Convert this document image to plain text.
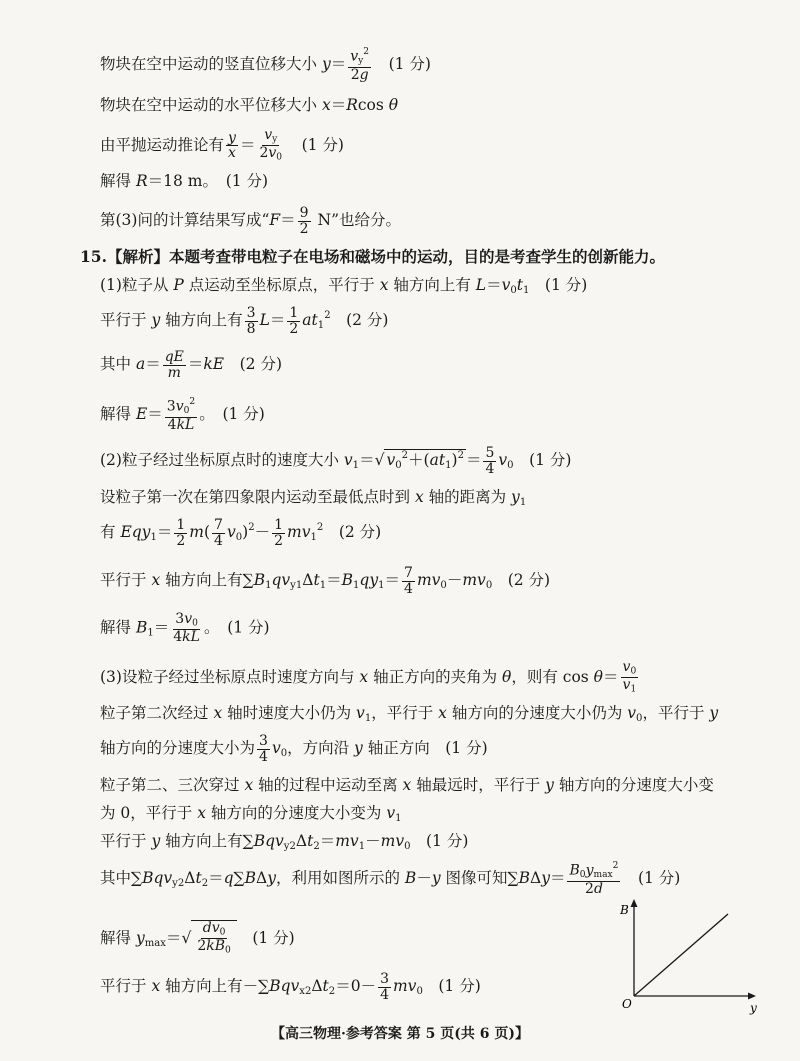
物块在空中运动的竖直位移大小 $y= \frac{v_y^2}{2g}$ 　(1 分)
物块在空中运动的水平位移大小 x＝Rcos θ
由平抛运动推论有 $\frac{y}{x} = \frac{v_y}{2v_0}$ 　(1 分)
解得 R＝18 m。　(1 分)
第(3)问的计算结果写成“$F= \frac{9}{2} N$”也给分。
15.【解析】本题考查带电粒子在电场和磁场中的运动，目的是考查学生的创新能力。
(1)粒子从 P 点运动至坐标原点，平行于 x 轴方向上有 $L=v_0t_1$　(1 分)
平行于 y 轴方向上有 $\frac{3}{8} L= \frac{1}{2} at_1^2$　(2 分)
其中 $a= \frac{qE}{m} =kE$　(2 分)
解得 $E= \frac{3v_0^2}{4kL}$ 。　(1 分)
(2)粒子经过坐标原点时的速度大小 $v_1=√$ $v_0^2+(at_1)^2 = \frac{5}{4} v_0$　(1 分)
设粒子第一次在第四象限内运动至最低点时到 x 轴的距离为 $y_1$
有 $Eqy_1= \frac{1}{2} m( \frac{7}{4} v_0)^2- \frac{1}{2} mv_1^2$　(2 分)
平行于 x 轴方向上有$\sum B_1qv_{y1}\Delta t_1=B_1qy_1= \frac{7}{4} mv_0-mv_0$　(2 分)
解得 $B_1= \frac{3v_0}{4kL}$ 。　(1 分)
(3)设粒子经过坐标原点时速度方向与 x 轴正方向的夹角为 θ，则有 $\cos \theta= \frac{v_0}{v_1}$
粒子第二次经过 x 轴时速度大小仍为 $v_1$，平行于 x 轴方向的分速度大小仍为 $v_0$，平行于 y
轴方向的分速度大小为 $\frac{3}{4} v_0$，方向沿 y 轴正方向　(1 分)
粒子第二、三次穿过 x 轴的过程中运动至离 x 轴最远时，平行于 y 轴方向的分速度大小变
为 0，平行于 x 轴方向的分速度大小变为 $v_1$
平行于 y 轴方向上有$\sum Bqv_{y2}\Delta t_2=mv_1-mv_0$　(1 分)
其中$\sum Bqv_{y2}\Delta t_2=q\sum B\Delta y$，利用如图所示的 B－y 图像可知$\sum B\Delta y= \frac{B_0y_{max}^2}{2d}$ 　(1 分)
解得 $y_{max}=√ \frac{dv_0}{2kB_0}$ 　(1 分)
平行于 x 轴方向上有$-\sum Bqv_{x2}\Delta t_2=0- \frac{3}{4} mv_0$　(1 分)
B
O	y
【高三物理·参考答案 第 5 页(共 6 页)】
